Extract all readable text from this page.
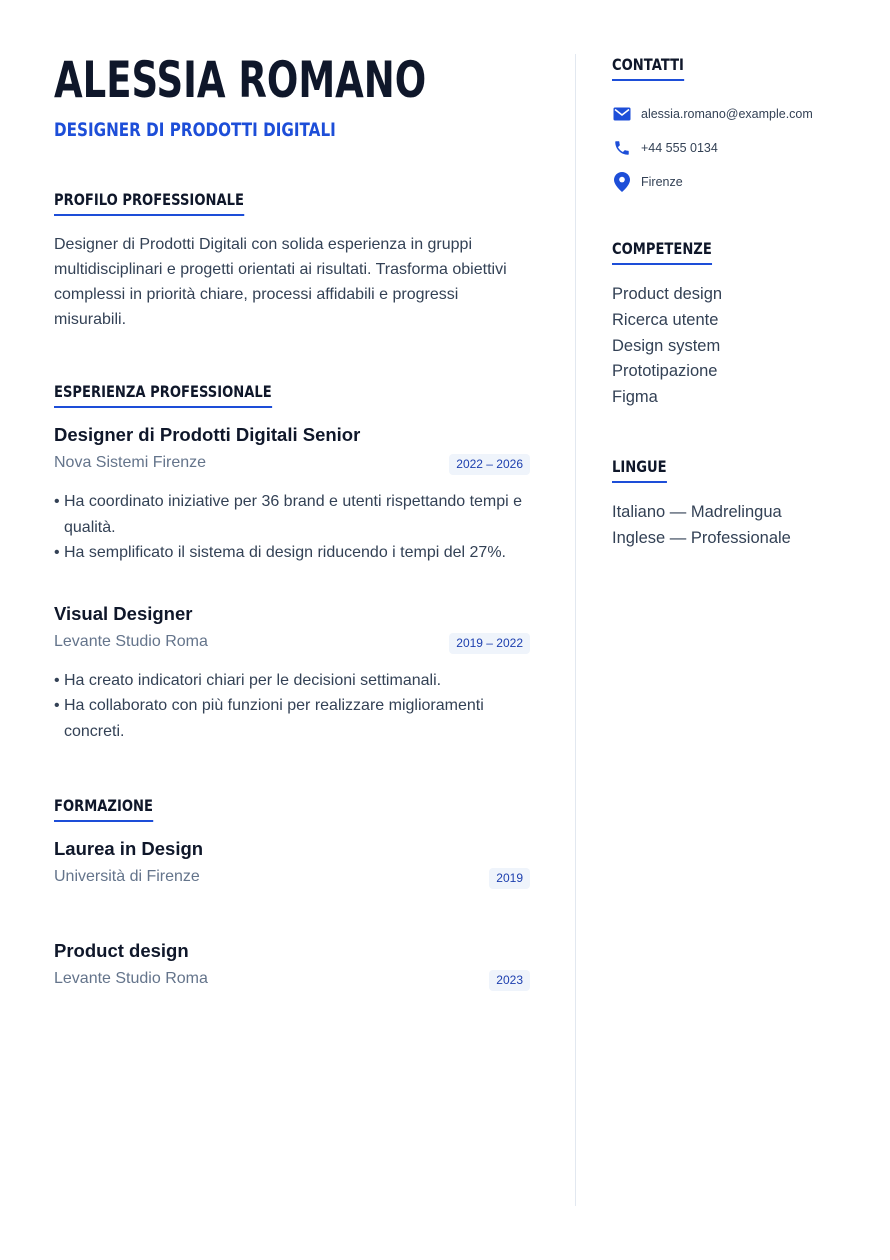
ALESSIA ROMANO
DESIGNER DI PRODOTTI DIGITALI
PROFILO PROFESSIONALE

Designer di Prodotti Digitali con solida esperienza in gruppi multidisciplinari e progetti orientati ai risultati. Trasforma obiettivi complessi in priorità chiare, processi affidabili e progressi misurabili.

ESPERIENZA PROFESSIONALE
Designer di Prodotti Digitali Senior
Nova Sistemi Firenze	2022 – 2026
• Ha coordinato iniziative per 36 brand e utenti rispettando tempi e qualità.
• Ha semplificato il sistema di design riducendo i tempi del 27%.
Visual Designer
Levante Studio Roma	2019 – 2022
• Ha creato indicatori chiari per le decisioni settimanali.
• Ha collaborato con più funzioni per realizzare miglioramenti concreti.
FORMAZIONE
Laurea in Design
Università di Firenze	2019
Product design
Levante Studio Roma	2023
CONTATTI
alessia.romano@example.com
+44 555 0134
Firenze
COMPETENZE
Product design
Ricerca utente
Design system
Prototipazione
Figma
LINGUE
Italiano — Madrelingua
Inglese — Professionale
